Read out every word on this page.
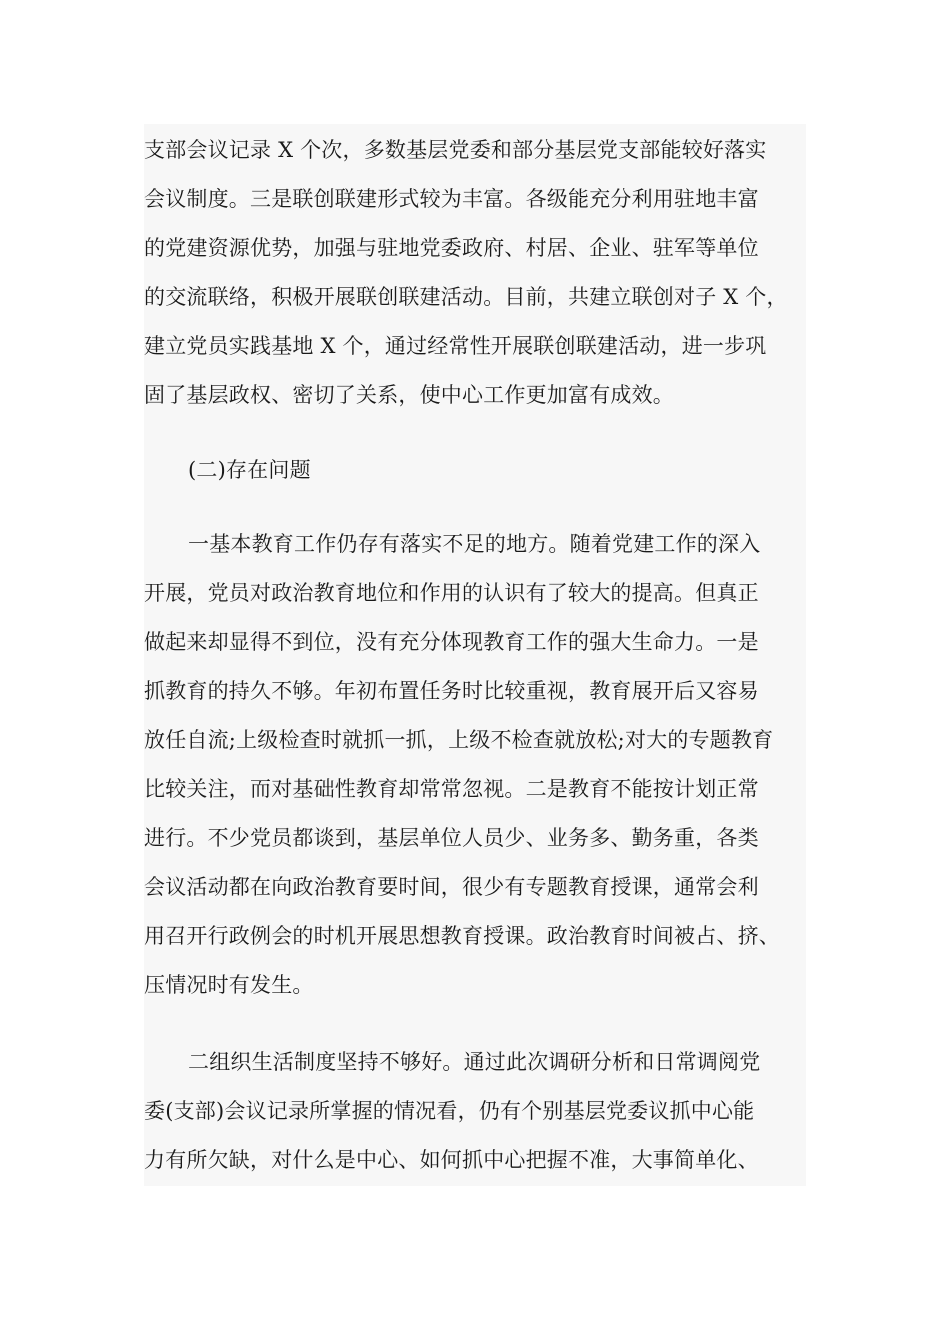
支部会议记录 X 个次，多数基层党委和部分基层党支部能较好落实
会议制度。三是联创联建形式较为丰富。各级能充分利用驻地丰富
的党建资源优势，加强与驻地党委政府、村居、企业、驻军等单位
的交流联络，积极开展联创联建活动。目前，共建立联创对子 X 个，
建立党员实践基地 X 个，通过经常性开展联创联建活动，进一步巩
固了基层政权、密切了关系，使中心工作更加富有成效。
(二)存在问题
一基本教育工作仍存有落实不足的地方。随着党建工作的深入
开展，党员对政治教育地位和作用的认识有了较大的提高。但真正
做起来却显得不到位，没有充分体现教育工作的强大生命力。一是
抓教育的持久不够。年初布置任务时比较重视，教育展开后又容易
放任自流;上级检查时就抓一抓，上级不检查就放松;对大的专题教育
比较关注，而对基础性教育却常常忽视。二是教育不能按计划正常
进行。不少党员都谈到，基层单位人员少、业务多、勤务重，各类
会议活动都在向政治教育要时间，很少有专题教育授课，通常会利
用召开行政例会的时机开展思想教育授课。政治教育时间被占、挤、
压情况时有发生。
二组织生活制度坚持不够好。通过此次调研分析和日常调阅党
委(支部)会议记录所掌握的情况看，仍有个别基层党委议抓中心能
力有所欠缺，对什么是中心、如何抓中心把握不准，大事简单化、
